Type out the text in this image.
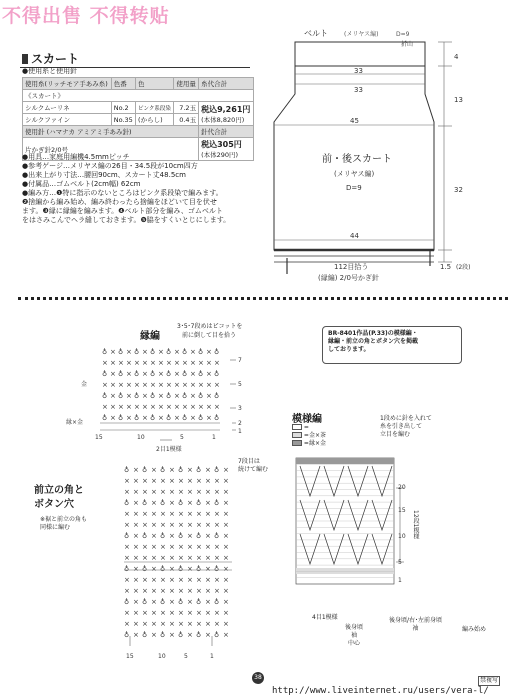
不得出售 不得转贴
スカート
●使用糸と使用針
使用糸(リッチモア手あみ糸)	色番	色	使用量	糸代合計
《スカート》				
シルクムーリネ	No.2	ピンク系段染	7.2玉	税込9,261円
(本体8,820円)

シルクファイン	No.35	(からし)	0.4玉	
使用針 (ハマナカ アミアミ手あみ針)				針代合計
片かぎ針2/0号				税込305円
(本体290円)
●用具…家庭用編機4.5mmピッチ
●参考ゲージ…メリヤス編の26目・34.5段が10cm四方
●出来上がり寸法…腰回90cm、スカート丈48.5cm
●付属品…ゴムベルト(2cm幅) 62cm
●編み方…❶特に指示のないところはピンク系段染で編みます。
❷捨編から編み始め、編み終わったら捨編をほどいて目を伏せ
ます。❸縁に縁編を編みます。❹ベルト部分を編み、ゴムベルト
をはさみこんでヘラ縫しておきます。❺脇をすくいとじにします。
ベルト	(メリヤス編)	D=9
折山
33
33
45
44
前・後スカート
(メリヤス編)
D=9
4
13
32
1.5 (2段)
112目拾う
(縁編) 2/0号かぎ針
縁編
3･5･7段めはピコットを
前に倒して目を拾う
♁ × ♁ × ♁ × ♁ × ♁ × ♁ × ♁ × ♁
× × × × × × × × × × × × × × ×
♁ × ♁ × ♁ × ♁ × ♁ × ♁ × ♁ × ♁
× × × × × × × × × × × × × × ×
♁ × ♁ × ♁ × ♁ × ♁ × ♁ × ♁ × ♁
× × × × × × × × × × × × × × ×
♁ × ♁ × ♁ × ♁ × ♁ × ♁ × ♁ × ♁
金
縁×金
15	10	5	1
2目1模様
7
5
3
2
1
BR-8401作品(P.33)の模様編・
縁編・前立の角とボタン穴を掲載
しております。
前立の角と
ボタン穴
※裾と前立の角も
同様に編む
7段目は
続けて編む
♁ × ♁ × ♁ × ♁ × ♁ × ♁ ×
× × × × × × × × × × × ×
× × × × × × × × × × × ×
♁ × ♁ × ♁ × ♁ × ♁ × ♁ ×
× × × × × × × × × × × ×
× × × × × × × × × × × ×
♁ × ♁ × ♁ × ♁ × ♁ × ♁ ×
× × × × × × × × × × × ×
× × × × × × × × × × × ×
♁ × ♁ × ♁ × ♁ × ♁ × ♁ ×
× × × × × × × × × × × ×
× × × × × × × × × × × ×
♁ × ♁ × ♁ × ♁ × ♁ × ♁ ×
× × × × × × × × × × × ×
× × × × × × × × × × × ×
♁ × ♁ × ♁ × ♁ × ♁ × ♁ ×
15	10	5	1
模様編
=
=金×茶
=縁×金
1段めに針を入れて
糸を引き出して
立目を編む
20
15
10
5
1
12段1模様
4目1模様
後身頃
袖
中心
後身頃/右･左前身頃
袖	編み始め
38	禁複写
http://www.liveinternet.ru/users/vera-l/
